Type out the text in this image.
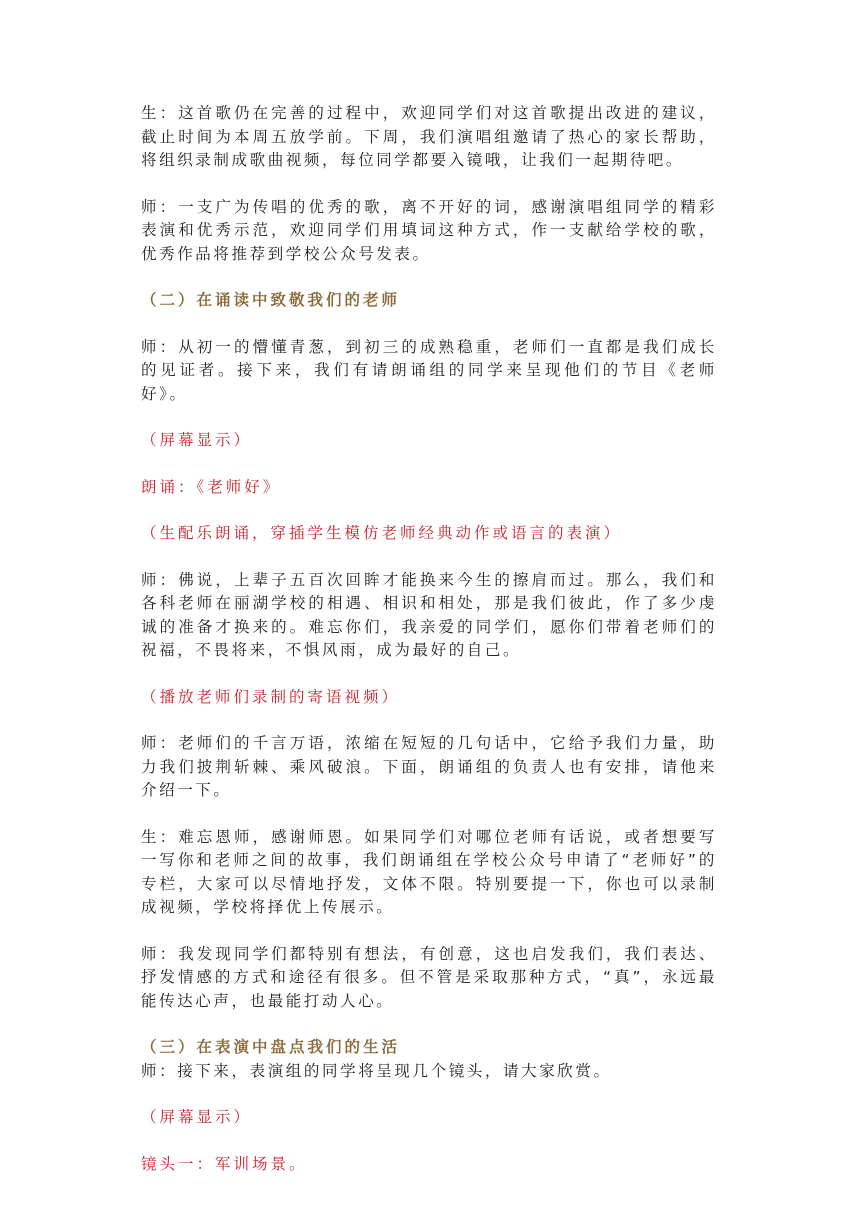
生：这首歌仍在完善的过程中，欢迎同学们对这首歌提出改进的建议，截止时间为本周五放学前。下周，我们演唱组邀请了热心的家长帮助，将组织录制成歌曲视频，每位同学都要入镜哦，让我们一起期待吧。

师：一支广为传唱的优秀的歌，离不开好的词，感谢演唱组同学的精彩表演和优秀示范，欢迎同学们用填词这种方式，作一支献给学校的歌，优秀作品将推荐到学校公众号发表。

（二）在诵读中致敬我们的老师

师：从初一的懵懂青葱，到初三的成熟稳重，老师们一直都是我们成长的见证者。接下来，我们有请朗诵组的同学来呈现他们的节目《老师好》。

（屏幕显示）

朗诵：《老师好》

（生配乐朗诵，穿插学生模仿老师经典动作或语言的表演）

师：佛说，上辈子五百次回眸才能换来今生的擦肩而过。那么，我们和各科老师在丽湖学校的相遇、相识和相处，那是我们彼此，作了多少虔诚的准备才换来的。难忘你们，我亲爱的同学们，愿你们带着老师们的祝福，不畏将来，不惧风雨，成为最好的自己。

（播放老师们录制的寄语视频）

师：老师们的千言万语，浓缩在短短的几句话中，它给予我们力量，助力我们披荆斩棘、乘风破浪。下面，朗诵组的负责人也有安排，请他来介绍一下。

生：难忘恩师，感谢师恩。如果同学们对哪位老师有话说，或者想要写一写你和老师之间的故事，我们朗诵组在学校公众号申请了“老师好”的专栏，大家可以尽情地抒发，文体不限。特别要提一下，你也可以录制成视频，学校将择优上传展示。

师：我发现同学们都特别有想法，有创意，这也启发我们，我们表达、抒发情感的方式和途径有很多。但不管是采取那种方式，“真”，永远最能传达心声，也最能打动人心。

（三）在表演中盘点我们的生活

师：接下来，表演组的同学将呈现几个镜头，请大家欣赏。

（屏幕显示）

镜头一：军训场景。
